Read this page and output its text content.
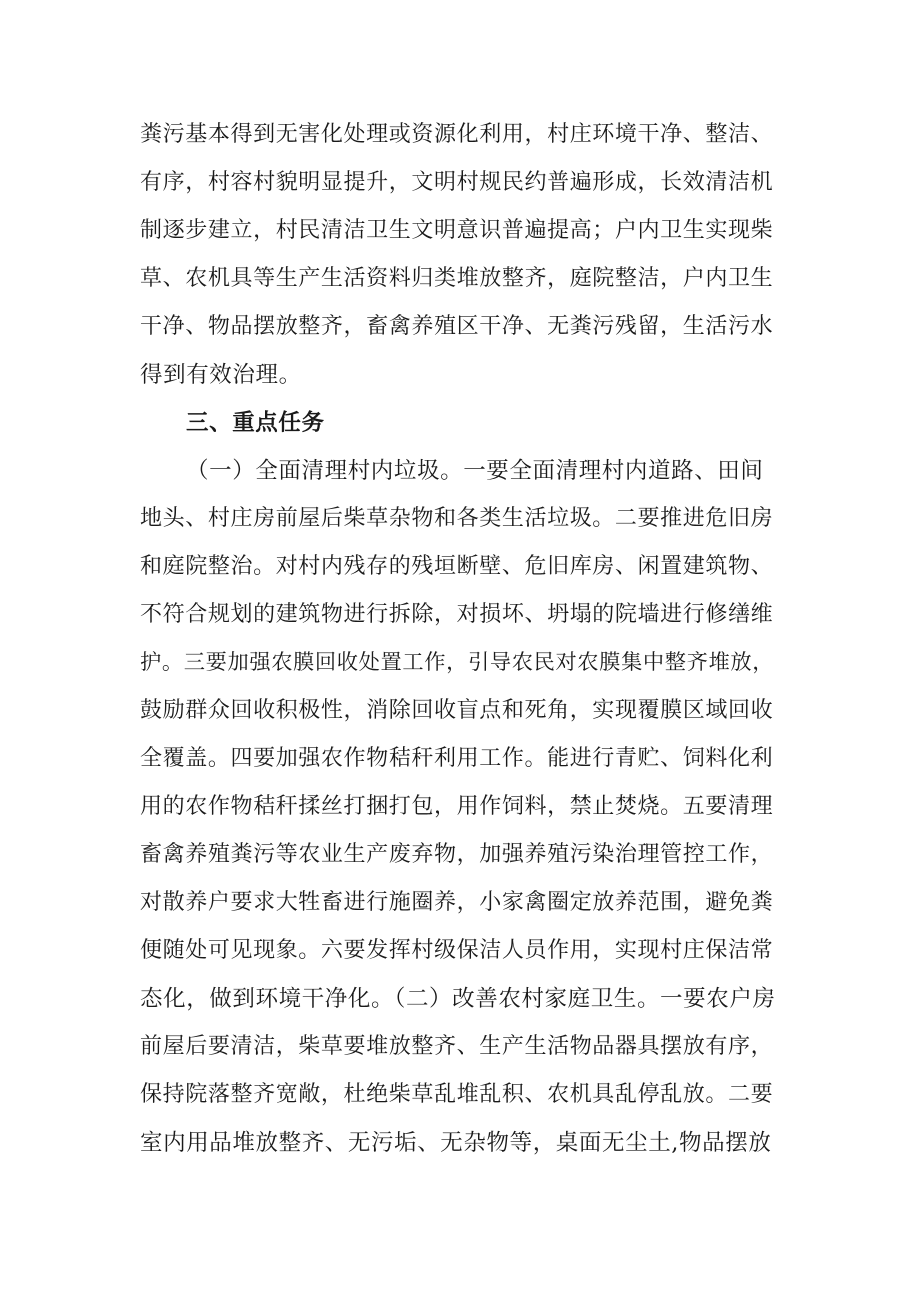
粪污基本得到无害化处理或资源化利用，村庄环境干净、整洁、
有序，村容村貌明显提升，文明村规民约普遍形成，长效清洁机
制逐步建立，村民清洁卫生文明意识普遍提高；户内卫生实现柴
草、农机具等生产生活资料归类堆放整齐，庭院整洁，户内卫生
干净、物品摆放整齐，畜禽养殖区干净、无粪污残留，生活污水
得到有效治理。
三、重点任务
（一）全面清理村内垃圾。一要全面清理村内道路、田间
地头、村庄房前屋后柴草杂物和各类生活垃圾。二要推进危旧房
和庭院整治。对村内残存的残垣断壁、危旧库房、闲置建筑物、
不符合规划的建筑物进行拆除，对损坏、坍塌的院墙进行修缮维
护。三要加强农膜回收处置工作，引导农民对农膜集中整齐堆放，
鼓励群众回收积极性，消除回收盲点和死角，实现覆膜区域回收
全覆盖。四要加强农作物秸秆利用工作。能进行青贮、饲料化利
用的农作物秸秆揉丝打捆打包，用作饲料，禁止焚烧。五要清理
畜禽养殖粪污等农业生产废弃物，加强养殖污染治理管控工作，
对散养户要求大牲畜进行施圈养，小家禽圈定放养范围，避免粪
便随处可见现象。六要发挥村级保洁人员作用，实现村庄保洁常
态化，做到环境干净化。（二）改善农村家庭卫生。一要农户房
前屋后要清洁，柴草要堆放整齐、生产生活物品器具摆放有序，
保持院落整齐宽敞，杜绝柴草乱堆乱积、农机具乱停乱放。二要
室内用品堆放整齐、无污垢、无杂物等，桌面无尘土,物品摆放
